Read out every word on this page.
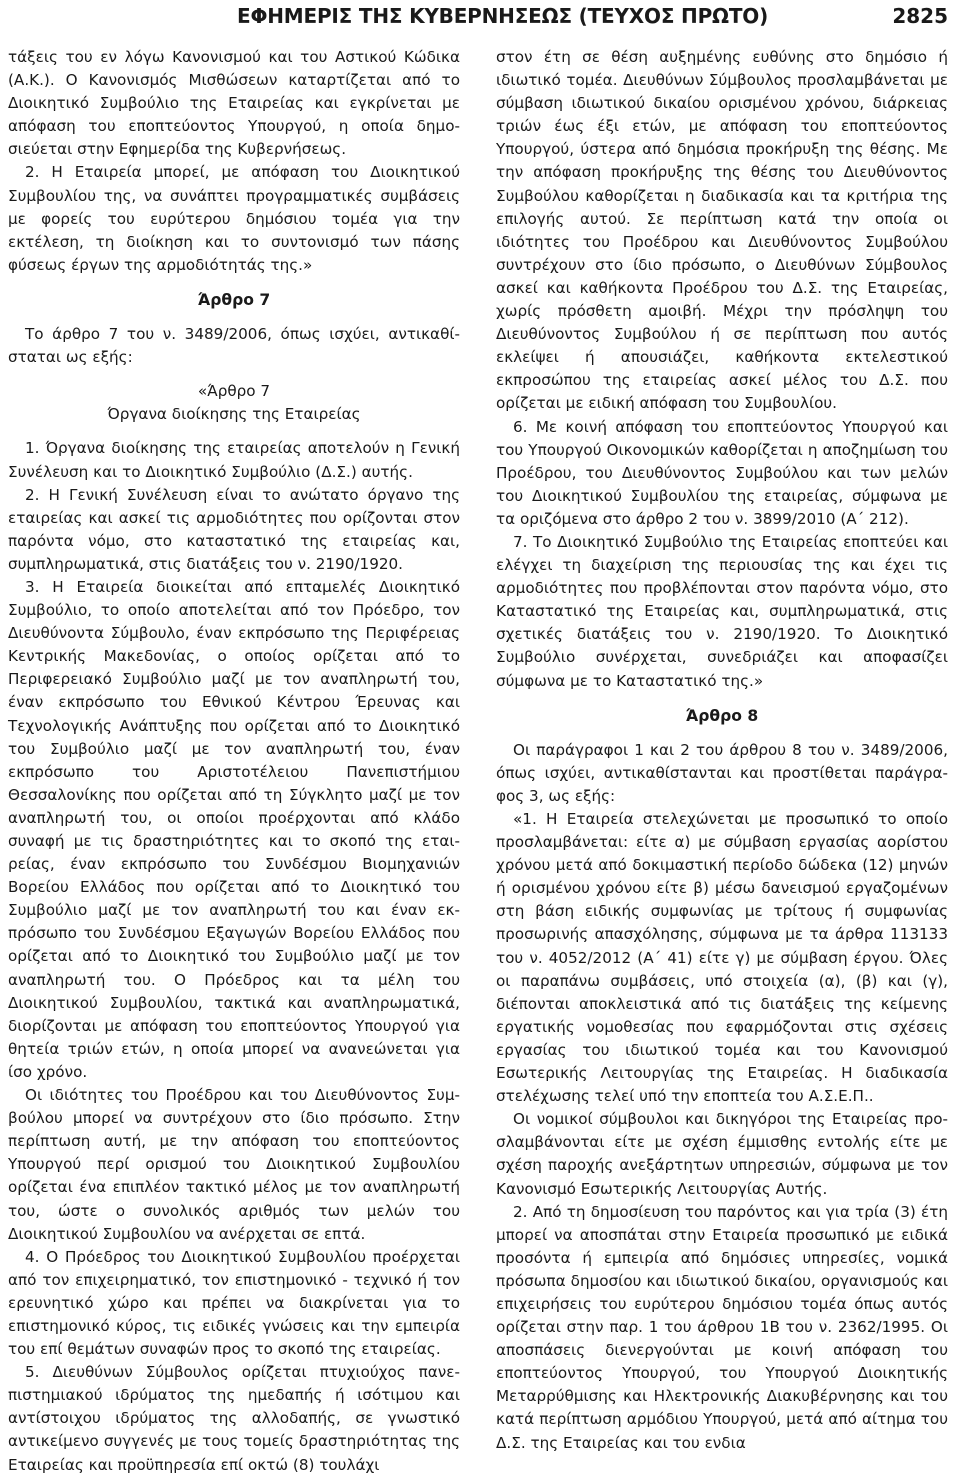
ΕΦΗΜΕΡΙΣ ΤΗΣ ΚΥΒΕΡΝΗΣΕΩΣ (ΤΕΥΧΟΣ ΠΡΩΤΟ)	2825

τάξεις του εν λόγω Κανονισμού και του Αστικού Κώδικα (Α.Κ.). Ο Κανονισμός Μισθώσεων καταρτίζεται από το Διοικητικό Συμβούλιο της Εταιρείας και εγκρίνεται με απόφαση του εποπτεύοντος Υπουργού, η οποία δημοσιεύεται στην Εφημερίδα της Κυβερνήσεως.

2. Η Εταιρεία μπορεί, με απόφαση του Διοικητικού Συμβουλίου της, να συνάπτει προγραμματικές συμβάσεις με φορείς του ευρύτερου δημόσιου τομέα για την εκτέλεση, τη διοίκηση και το συντονισμό των πάσης φύσεως έργων της αρμοδιότητάς της.»

Άρθρο 7

Το άρθρο 7 του ν. 3489/2006, όπως ισχύει, αντικαθίσταται ως εξής:

«Άρθρο 7

Όργανα διοίκησης της Εταιρείας

1. Όργανα διοίκησης της εταιρείας αποτελούν η Γενική Συνέλευση και το Διοικητικό Συμβούλιο (Δ.Σ.) αυτής.

2. Η Γενική Συνέλευση είναι το ανώτατο όργανο της εταιρείας και ασκεί τις αρμοδιότητες που ορίζονται στον παρόντα νόμο, στο καταστατικό της εταιρείας και, συμπληρωματικά, στις διατάξεις του ν. 2190/1920.

3. Η Εταιρεία διοικείται από επταμελές Διοικητικό Συμβούλιο, το οποίο αποτελείται από τον Πρόεδρο, τον Διευθύνοντα Σύμβουλο, έναν εκπρόσωπο της Περιφέρειας Κεντρικής Μακεδονίας, ο οποίος ορίζεται από το Περιφερειακό Συμβούλιο μαζί με τον αναπληρωτή του, έναν εκπρόσωπο του Εθνικού Κέντρου Έρευνας και Τεχνολογικής Ανάπτυξης που ορίζεται από το Διοικητικό του Συμβούλιο μαζί με τον αναπληρωτή του, έναν εκπρόσωπο του Αριστοτέλειου Πανεπιστήμιου Θεσσαλονίκης που ορίζεται από τη Σύγκλητο μαζί με τον αναπληρωτή του, οι οποίοι προέρχονται από κλάδο συναφή με τις δραστηριότητες και το σκοπό της εταιρείας, έναν εκπρόσωπο του Συνδέσμου Βιομηχανιών Βορείου Ελλάδος που ορίζεται από το Διοικητικό του Συμβούλιο μαζί με τον αναπληρωτή του και έναν εκπρόσωπο του Συνδέσμου Εξαγωγών Βορείου Ελλάδος που ορίζεται από το Διοικητικό του Συμβούλιο μαζί με τον αναπληρωτή του. Ο Πρόεδρος και τα μέλη του Διοικητικού Συμβουλίου, τακτικά και αναπληρωματικά, διορίζονται με απόφαση του εποπτεύοντος Υπουργού για θητεία τριών ετών, η οποία μπορεί να ανανεώνεται για ίσο χρόνο.

Οι ιδιότητες του Προέδρου και του Διευθύνοντος Συμβούλου μπορεί να συντρέχουν στο ίδιο πρόσωπο. Στην περίπτωση αυτή, με την απόφαση του εποπτεύοντος Υπουργού περί ορισμού του Διοικητικού Συμβουλίου ορίζεται ένα επιπλέον τακτικό μέλος με τον αναπληρωτή του, ώστε ο συνολικός αριθμός των μελών του Διοικητικού Συμβουλίου να ανέρχεται σε επτά.

4. Ο Πρόεδρος του Διοικητικού Συμβουλίου προέρχεται από τον επιχειρηματικό, τον επιστημονικό - τεχνικό ή τον ερευνητικό χώρο και πρέπει να διακρίνεται για το επιστημονικό κύρος, τις ειδικές γνώσεις και την εμπειρία του επί θεμάτων συναφών προς το σκοπό της εταιρείας.

5. Διευθύνων Σύμβουλος ορίζεται πτυχιούχος πανεπιστημιακού ιδρύματος της ημεδαπής ή ισότιμου και αντίστοιχου ιδρύματος της αλλοδαπής, σε γνωστικό αντικείμενο συγγενές με τους τομείς δραστηριότητας της Εταιρείας και προϋπηρεσία επί οκτώ (8) τουλάχι

στον έτη σε θέση αυξημένης ευθύνης στο δημόσιο ή ιδιωτικό τομέα. Διευθύνων Σύμβουλος προσλαμβάνεται με σύμβαση ιδιωτικού δικαίου ορισμένου χρόνου, διάρκειας τριών έως έξι ετών, με απόφαση του εποπτεύοντος Υπουργού, ύστερα από δημόσια προκήρυξη της θέσης. Με την απόφαση προκήρυξης της θέσης του Διευθύνοντος Συμβούλου καθορίζεται η διαδικασία και τα κριτήρια της επιλογής αυτού. Σε περίπτωση κατά την οποία οι ιδιότητες του Προέδρου και Διευθύνοντος Συμβούλου συντρέχουν στο ίδιο πρόσωπο, ο Διευθύνων Σύμβουλος ασκεί και καθήκοντα Προέδρου του Δ.Σ. της Εταιρείας, χωρίς πρόσθετη αμοιβή. Μέχρι την πρόσληψη του Διευθύνοντος Συμβούλου ή σε περίπτωση που αυτός εκλείψει ή απουσιάζει, καθήκοντα εκτελεστικού εκπροσώπου της εταιρείας ασκεί μέλος του Δ.Σ. που ορίζεται με ειδική απόφαση του Συμβουλίου.

6. Με κοινή απόφαση του εποπτεύοντος Υπουργού και του Υπουργού Οικονομικών καθορίζεται η αποζημίωση του Προέδρου, του Διευθύνοντος Συμβούλου και των μελών του Διοικητικού Συμβουλίου της εταιρείας, σύμφωνα με τα οριζόμενα στο άρθρο 2 του ν. 3899/2010 (Α΄ 212).

7. Το Διοικητικό Συμβούλιο της Εταιρείας εποπτεύει και ελέγχει τη διαχείριση της περιουσίας της και έχει τις αρμοδιότητες που προβλέπονται στον παρόντα νόμο, στο Καταστατικό της Εταιρείας και, συμπληρωματικά, στις σχετικές διατάξεις του ν. 2190/1920. Το Διοικητικό Συμβούλιο συνέρχεται, συνεδριάζει και αποφασίζει σύμφωνα με το Καταστατικό της.»

Άρθρο 8

Οι παράγραφοι 1 και 2 του άρθρου 8 του ν. 3489/2006, όπως ισχύει, αντικαθίστανται και προστίθεται παράγραφος 3, ως εξής:

«1. Η Εταιρεία στελεχώνεται με προσωπικό το οποίο προσλαμβάνεται: είτε α) με σύμβαση εργασίας αορίστου χρόνου μετά από δοκιμαστική περίοδο δώδεκα (12) μηνών ή ορισμένου χρόνου είτε β) μέσω δανεισμού εργαζομένων στη βάση ειδικής συμφωνίας με τρίτους ή συμφωνίας προσωρινής απασχόλησης, σύμφωνα με τα άρθρα 113133 του ν. 4052/2012 (Α΄ 41) είτε γ) με σύμβαση έργου. Όλες οι παραπάνω συμβάσεις, υπό στοιχεία (α), (β) και (γ), διέπονται αποκλειστικά από τις διατάξεις της κείμενης εργατικής νομοθεσίας που εφαρμόζονται στις σχέσεις εργασίας του ιδιωτικού τομέα και του Κανονισμού Εσωτερικής Λειτουργίας της Εταιρείας. Η διαδικασία στελέχωσης τελεί υπό την εποπτεία του Α.Σ.Ε.Π..

Οι νομικοί σύμβουλοι και δικηγόροι της Εταιρείας προσλαμβάνονται είτε με σχέση έμμισθης εντολής είτε με σχέση παροχής ανεξάρτητων υπηρεσιών, σύμφωνα με τον Κανονισμό Εσωτερικής Λειτουργίας Αυτής.

2. Από τη δημοσίευση του παρόντος και για τρία (3) έτη μπορεί να αποσπάται στην Εταιρεία προσωπικό με ειδικά προσόντα ή εμπειρία από δημόσιες υπηρεσίες, νομικά πρόσωπα δημοσίου και ιδιωτικού δικαίου, οργανισμούς και επιχειρήσεις του ευρύτερου δημόσιου τομέα όπως αυτός ορίζεται στην παρ. 1 του άρθρου 1Β του ν. 2362/1995. Οι αποσπάσεις διενεργούνται με κοινή απόφαση του εποπτεύοντος Υπουργού, του Υπουργού Διοικητικής Μεταρρύθμισης και Ηλεκτρονικής Διακυβέρνησης και του κατά περίπτωση αρμόδιου Υπουργού, μετά από αίτημα του Δ.Σ. της Εταιρείας και του ενδια
